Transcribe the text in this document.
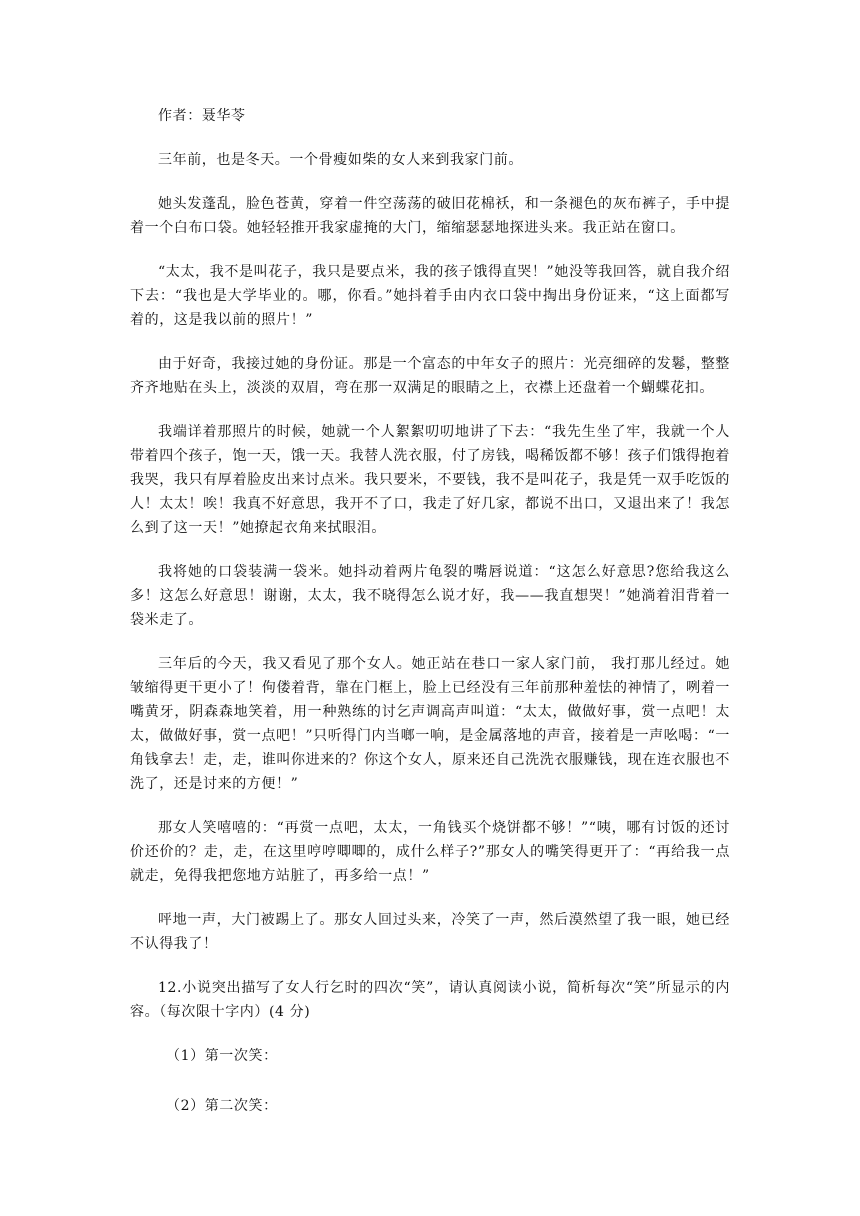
作者：聂华苓

三年前，也是冬天。一个骨瘦如柴的女人来到我家门前。

她头发蓬乱，脸色苍黄，穿着一件空荡荡的破旧花棉袄，和一条褪色的灰布裤子，手中提着一个白布口袋。她轻轻推开我家虚掩的大门，缩缩瑟瑟地探进头来。我正站在窗口。

“太太，我不是叫花子，我只是要点米，我的孩子饿得直哭！”她没等我回答，就自我介绍下去：“我也是大学毕业的。哪，你看。”她抖着手由内衣口袋中掏出身份证来，“这上面都写着的，这是我以前的照片！”

由于好奇，我接过她的身份证。那是一个富态的中年女子的照片：光亮细碎的发鬈，整整齐齐地贴在头上，淡淡的双眉，弯在那一双满足的眼睛之上，衣襟上还盘着一个蝴蝶花扣。

我端详着那照片的时候，她就一个人絮絮叨叨地讲了下去：“我先生坐了牢，我就一个人带着四个孩子，饱一天，饿一天。我替人洗衣服，付了房钱，喝稀饭都不够！孩子们饿得抱着我哭，我只有厚着脸皮出来讨点米。我只要米，不要钱，我不是叫花子，我是凭一双手吃饭的人！太太！唉！我真不好意思，我开不了口，我走了好几家，都说不出口，又退出来了！我怎么到了这一天！”她撩起衣角来拭眼泪。

我将她的口袋装满一袋米。她抖动着两片龟裂的嘴唇说道：“这怎么好意思?您给我这么多！这怎么好意思！谢谢，太太，我不晓得怎么说才好，我——我直想哭！”她淌着泪背着一袋米走了。

三年后的今天，我又看见了那个女人。她正站在巷口一家人家门前， 我打那儿经过。她皱缩得更干更小了！佝偻着背，靠在门框上，脸上已经没有三年前那种羞怯的神情了，咧着一嘴黄牙，阴森森地笑着，用一种熟练的讨乞声调高声叫道：“太太，做做好事，赏一点吧！太太，做做好事，赏一点吧！”只听得门内当啷一响，是金属落地的声音，接着是一声吆喝：“一角钱拿去！走，走，谁叫你进来的？你这个女人，原来还自己洗洗衣服赚钱，现在连衣服也不洗了，还是讨来的方便！”

那女人笑嘻嘻的：“再赏一点吧，太太，一角钱买个烧饼都不够！”“咦，哪有讨饭的还讨价还价的？走，走，在这里哼哼唧唧的，成什么样子?”那女人的嘴笑得更开了：“再给我一点就走，免得我把您地方站脏了，再多给一点！”

呯地一声，大门被踢上了。那女人回过头来，冷笑了一声，然后漠然望了我一眼，她已经不认得我了！

12.小说突出描写了女人行乞时的四次“笑”，请认真阅读小说，简析每次“笑”所显示的内容。（每次限十字内）(4 分)

（1）第一次笑：

（2）第二次笑：
